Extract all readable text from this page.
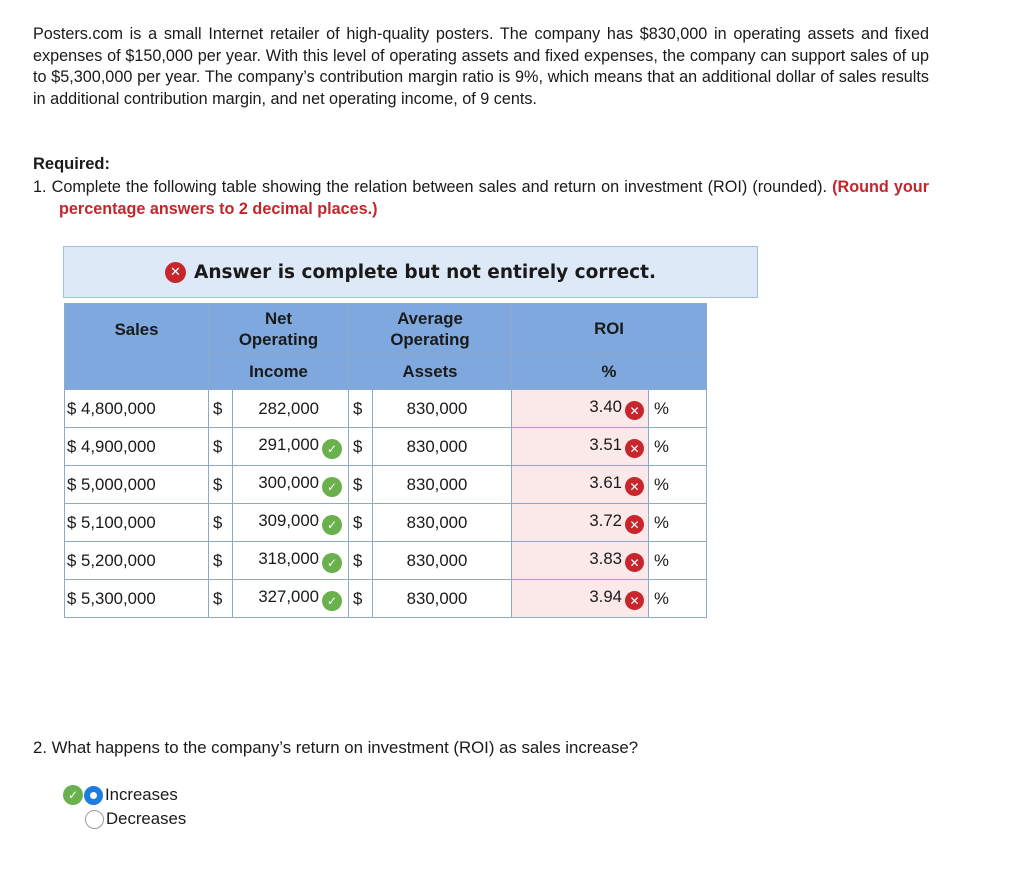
Posters.com is a small Internet retailer of high-quality posters. The company has $830,000 in operating assets and fixed expenses of $150,000 per year. With this level of operating assets and fixed expenses, the company can support sales of up to $5,300,000 per year. The company’s contribution margin ratio is 9%, which means that an additional dollar of sales results in additional contribution margin, and net operating income, of 9 cents.

Required:

1. Complete the following table showing the relation between sales and return on investment (ROI) (rounded). (Round your percentage answers to 2 decimal places.)

✕ Answer is complete but not entirely correct.
Sales	Net
Operating		Average
Operating		ROI	
	Income		Assets		%	
$ 4,800,000	$	282,000	$	830,000	3.40 ✕	%
$ 4,900,000	$	291,000 ✓	$	830,000	3.51 ✕	%
$ 5,000,000	$	300,000 ✓	$	830,000	3.61 ✕	%
$ 5,100,000	$	309,000 ✓	$	830,000	3.72 ✕	%
$ 5,200,000	$	318,000 ✓	$	830,000	3.83 ✕	%
$ 5,300,000	$	327,000 ✓	$	830,000	3.94 ✕	%
2. What happens to the company’s return on investment (ROI) as sales increase?
✓ Increases
Decreases
